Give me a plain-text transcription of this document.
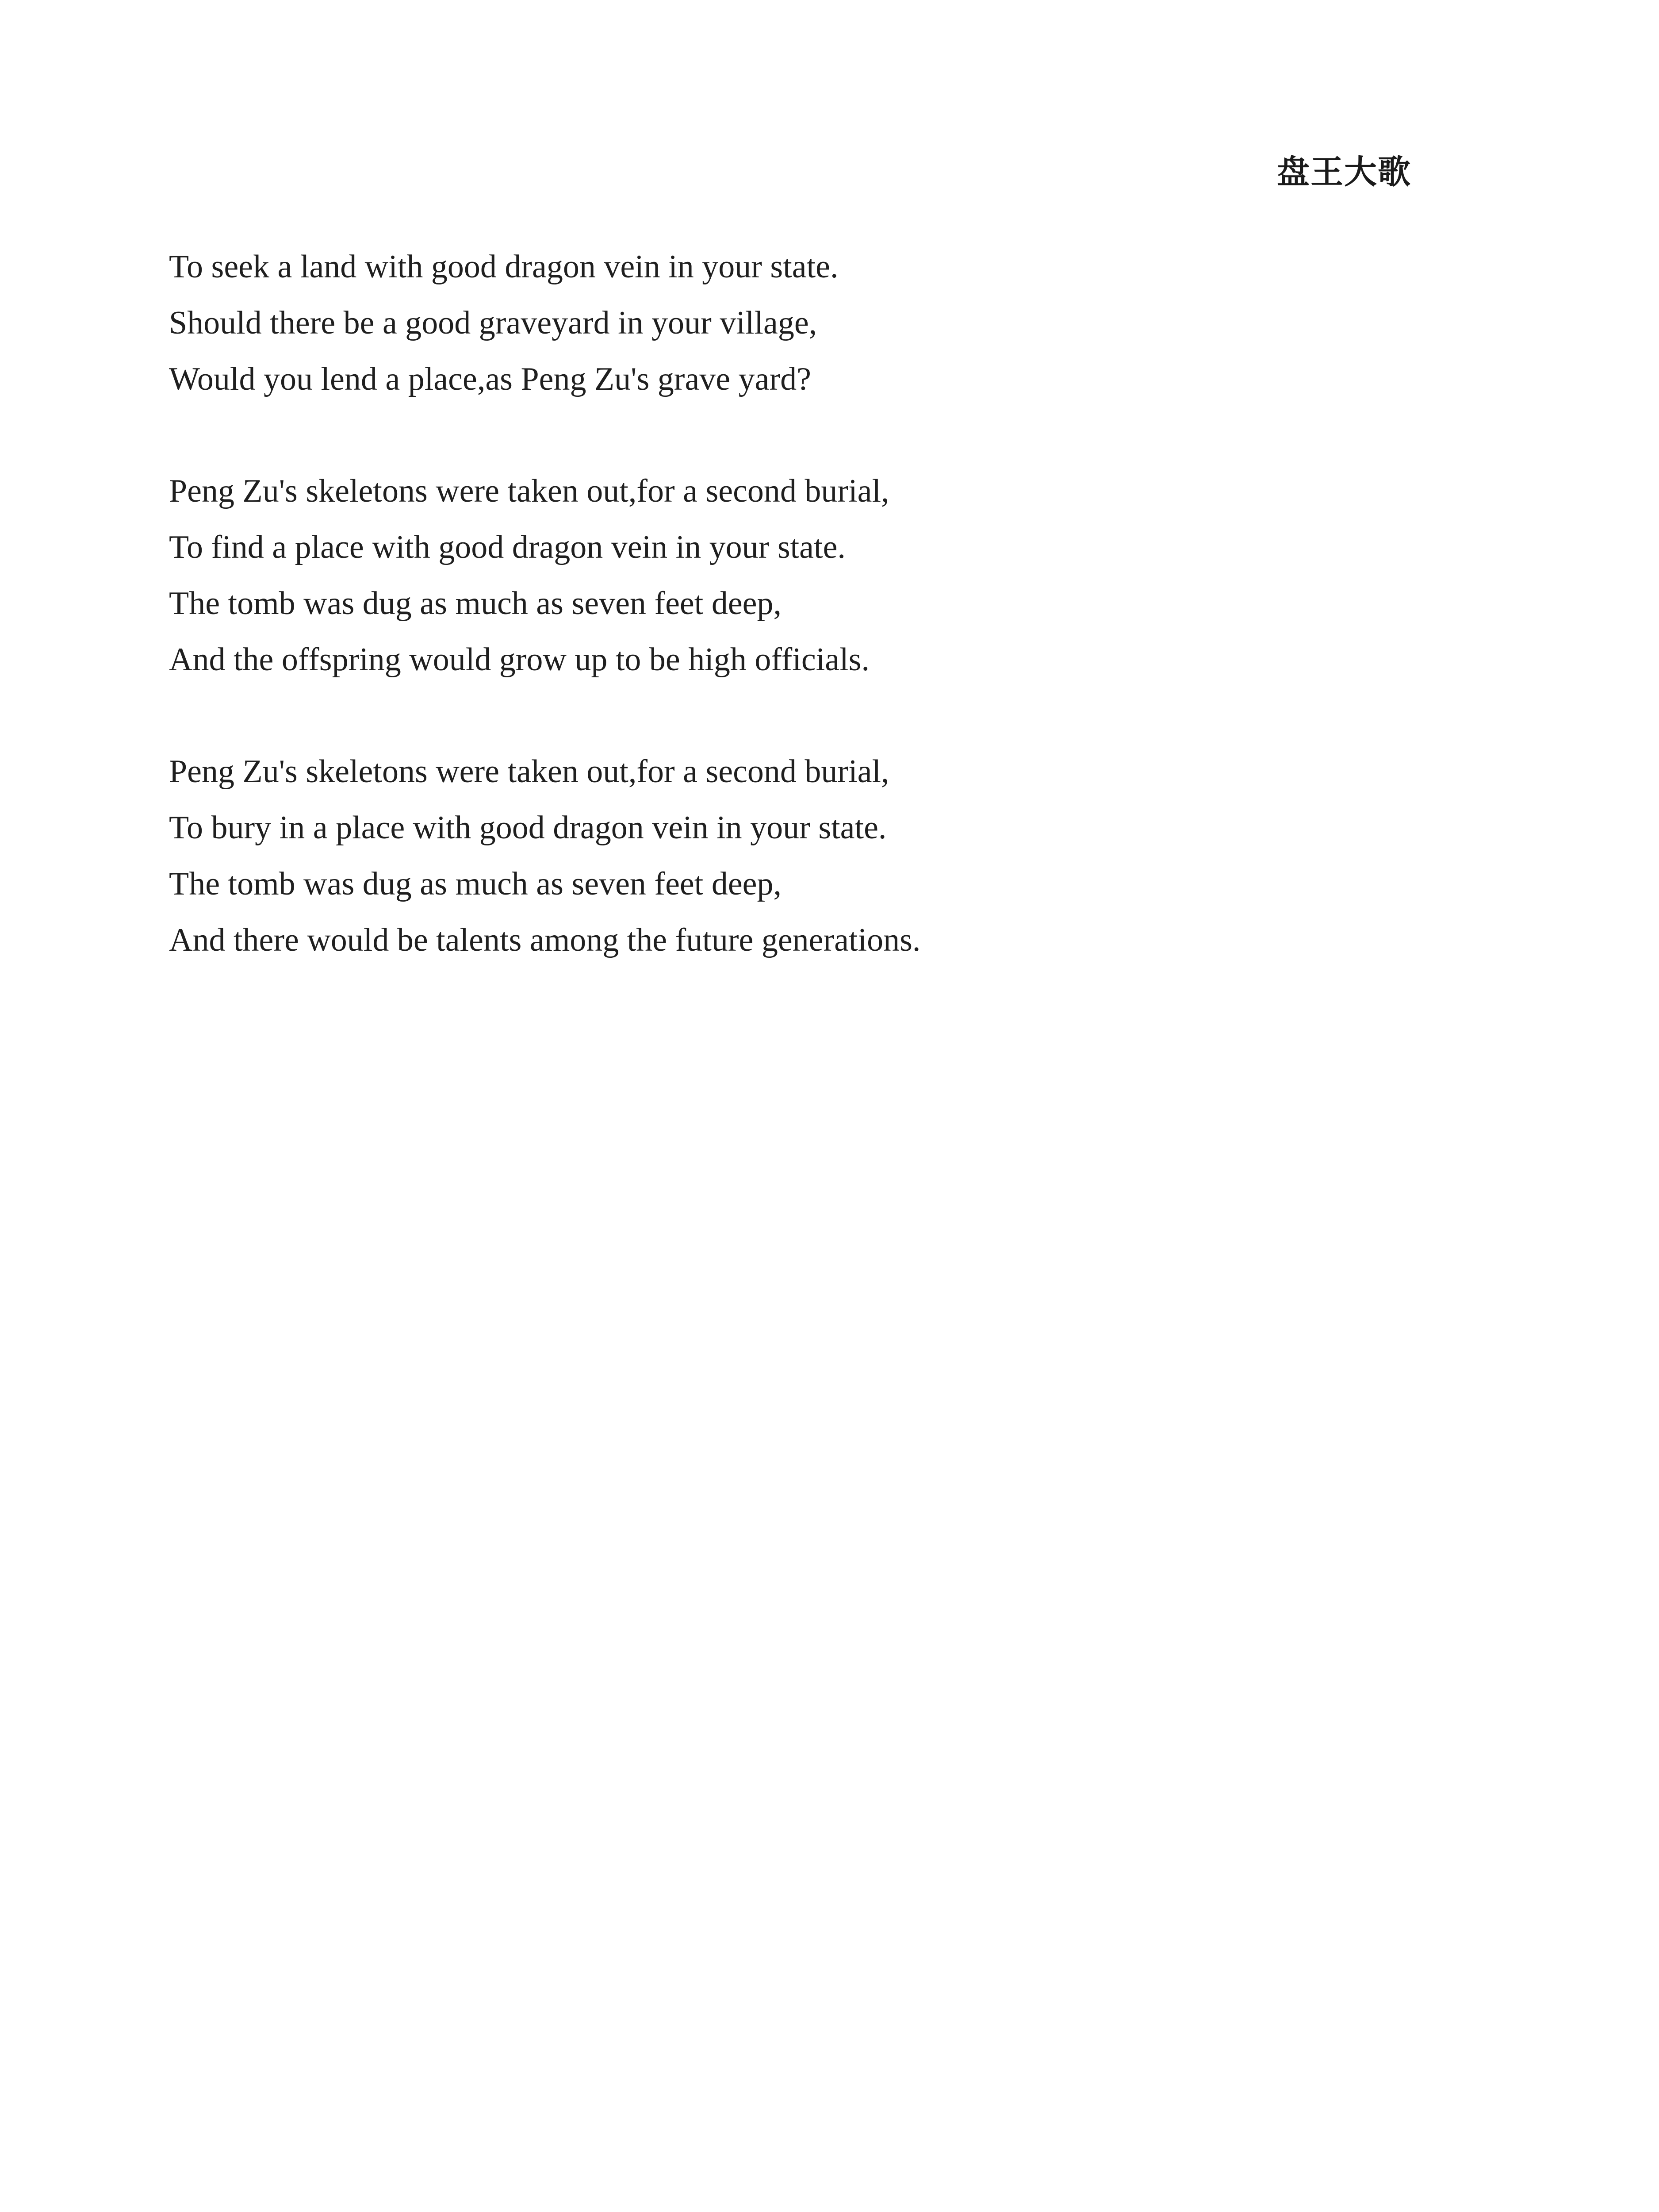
盘王大歌
To seek a land with good dragon vein in your state.
Should there be a good graveyard in your village,
Would you lend a place,as Peng Zu's grave yard?
Peng Zu's skeletons were taken out,for a second burial,
To find a place with good dragon vein in your state.
The tomb was dug as much as seven feet deep,
And the offspring would grow up to be high officials.
Peng Zu's skeletons were taken out,for a second burial,
To bury in a place with good dragon vein in your state.
The tomb was dug as much as seven feet deep,
And there would be talents among the future generations.
